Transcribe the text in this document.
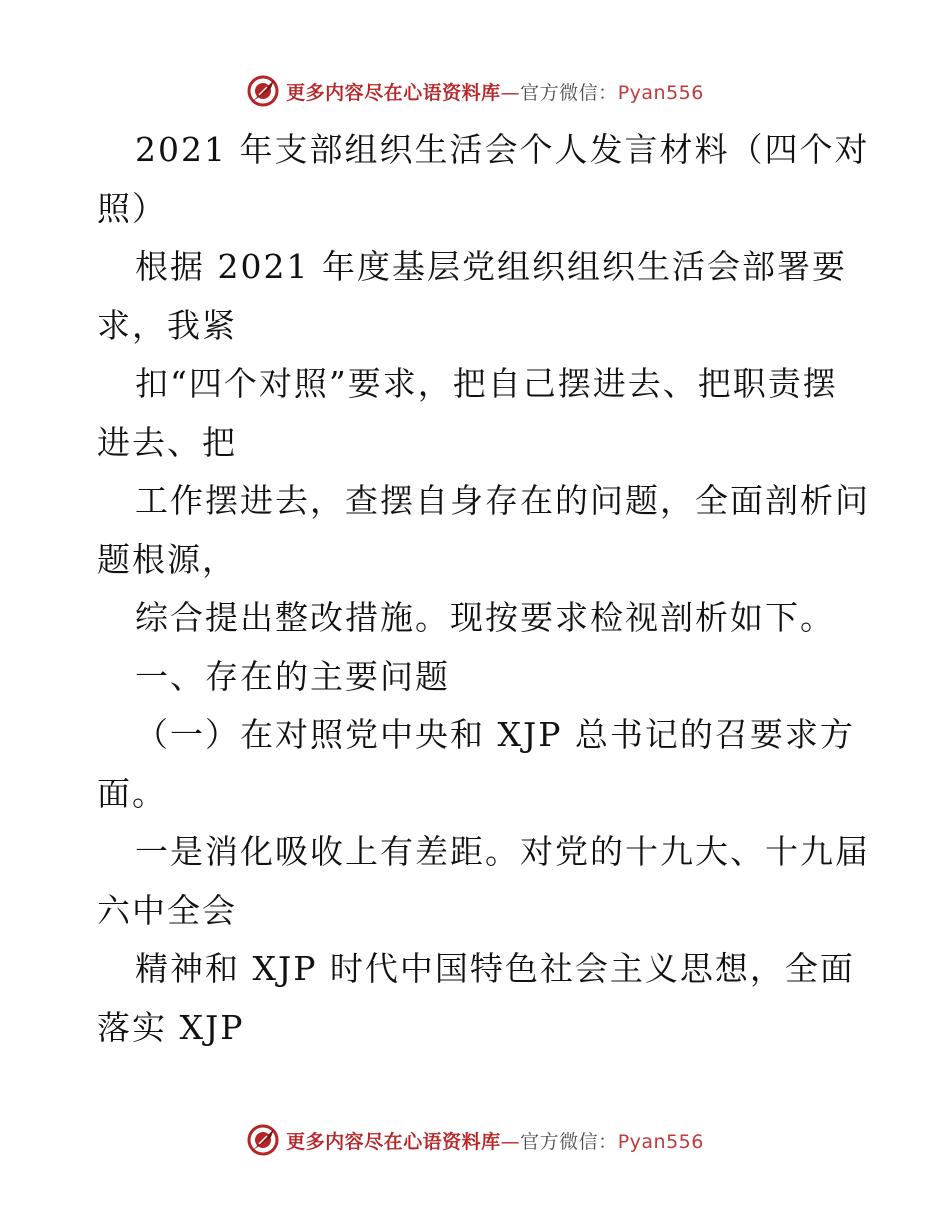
更多内容尽在心语资料库—官方微信：Pyan556
2021 年支部组织生活会个人发言材料（四个对
照）
根据 2021 年度基层党组织组织生活会部署要
求，我紧
扣“四个对照”要求，把自己摆进去、把职责摆
进去、把
工作摆进去，查摆自身存在的问题，全面剖析问
题根源，
综合提出整改措施。现按要求检视剖析如下。
一、存在的主要问题
（一）在对照党中央和 XJP 总书记的召要求方
面。
一是消化吸收上有差距。对党的十九大、十九届
六中全会
精神和 XJP 时代中国特色社会主义思想，全面
落实 XJP
更多内容尽在心语资料库—官方微信：Pyan556
